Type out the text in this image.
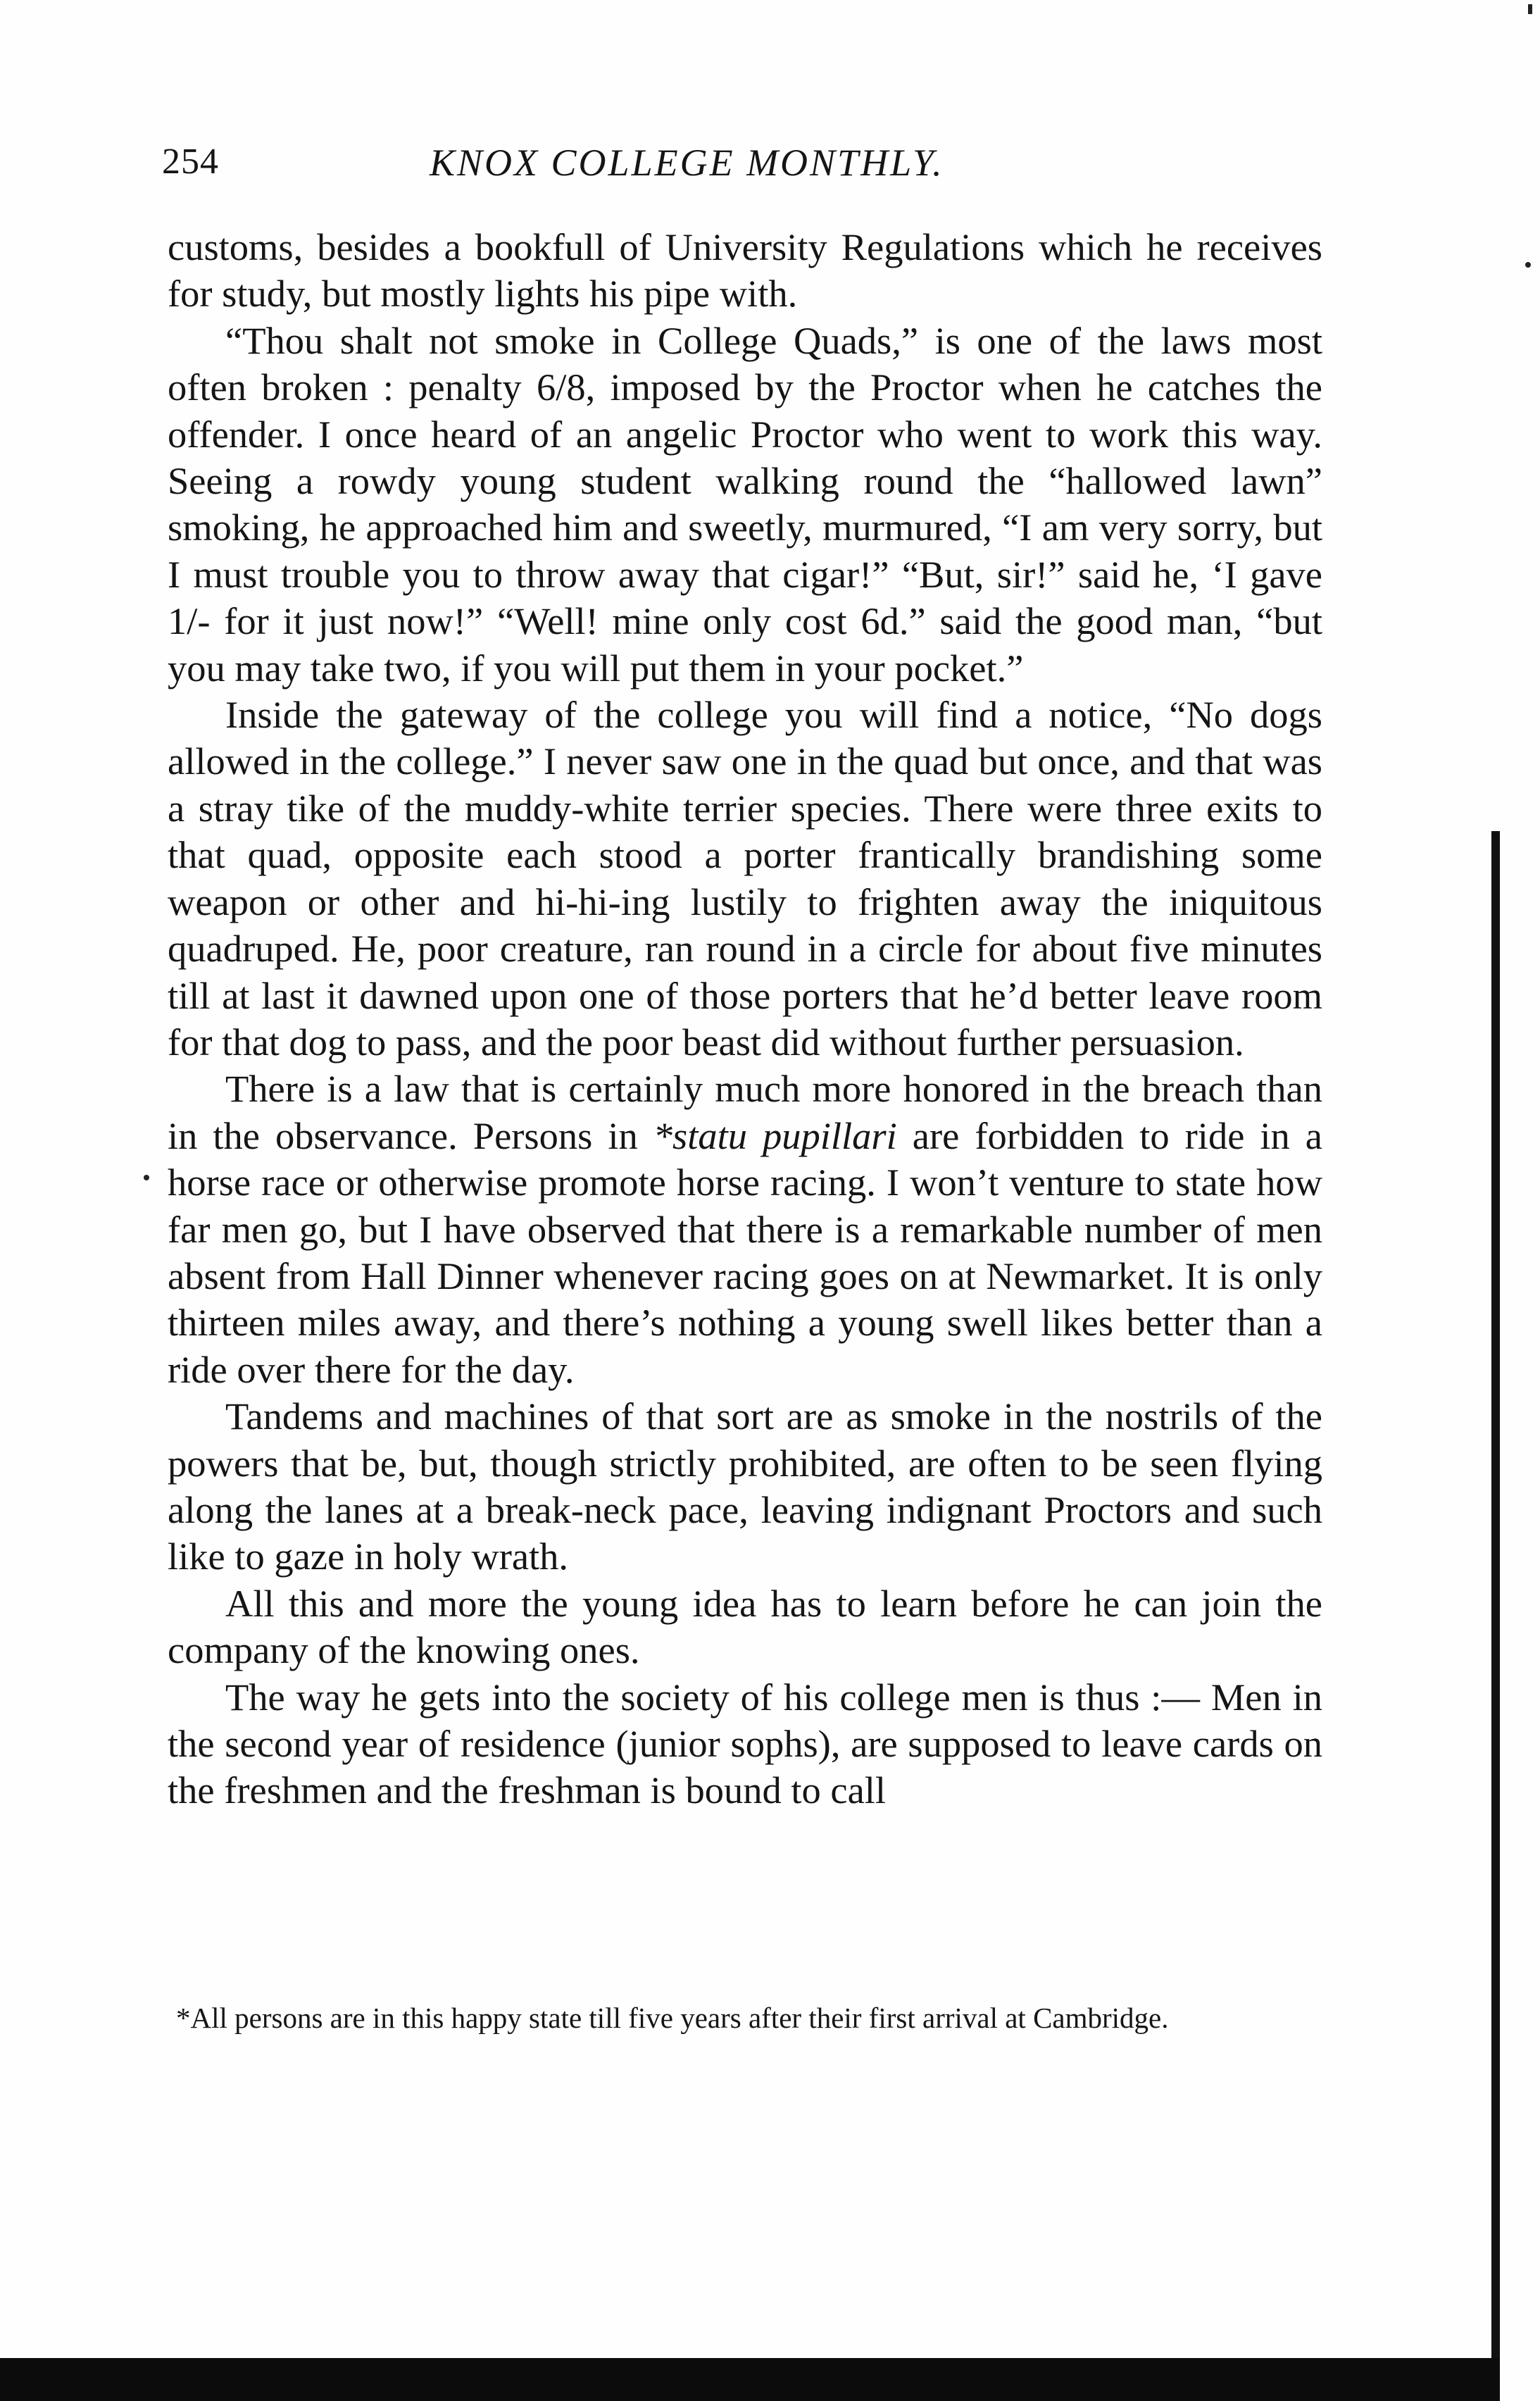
254	KNOX COLLEGE MONTHLY.

customs, besides a bookfull of University Regulations which he receives for study, but mostly lights his pipe with.

“Thou shalt not smoke in College Quads,” is one of the laws most often broken : penalty 6/8, imposed by the Proctor when he catches the offender. I once heard of an angelic Proctor who went to work this way. Seeing a rowdy young student walking round the “hallowed lawn” smoking, he approached him and sweetly, murmured, “I am very sorry, but I must trouble you to throw away that cigar!” “But, sir!” said he, ‘I gave 1/- for it just now!” “Well! mine only cost 6d.” said the good man, “but you may take two, if you will put them in your pocket.”

Inside the gateway of the college you will find a notice, “No dogs allowed in the college.” I never saw one in the quad but once, and that was a stray tike of the muddy-white terrier species. There were three exits to that quad, opposite each stood a porter frantically brandishing some weapon or other and hi-hi-ing lustily to frighten away the iniquitous quadruped. He, poor creature, ran round in a circle for about five minutes till at last it dawned upon one of those porters that he’d better leave room for that dog to pass, and the poor beast did without further persuasion.

There is a law that is certainly much more honored in the breach than in the observance. Persons in *statu pupillari are forbidden to ride in a horse race or otherwise promote horse racing. I won’t venture to state how far men go, but I have observed that there is a remarkable number of men absent from Hall Dinner whenever racing goes on at Newmarket. It is only thirteen miles away, and there’s nothing a young swell likes better than a ride over there for the day.

Tandems and machines of that sort are as smoke in the nostrils of the powers that be, but, though strictly prohibited, are often to be seen flying along the lanes at a break-neck pace, leaving indignant Proctors and such like to gaze in holy wrath.

All this and more the young idea has to learn before he can join the company of the knowing ones.

The way he gets into the society of his college men is thus :— Men in the second year of residence (junior sophs), are supposed to leave cards on the freshmen and the freshman is bound to call

*All persons are in this happy state till five years after their first arrival at Cambridge.
